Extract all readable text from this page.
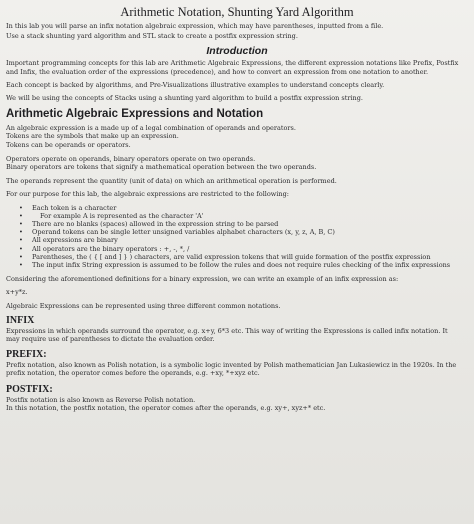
Arithmetic Notation, Shunting Yard Algorithm

In this lab you will parse an infix notation algebraic expression, which may have parentheses, inputted from a file.

Use a stack shunting yard algorithm and STL stack to create a postfix expression string.

Introduction

Important programming concepts for this lab are Arithmetic Algebraic Expressions, the different expression notations like Prefix, Postfix and Infix, the evaluation order of the expressions (precedence), and how to convert an expression from one notation to another.

Each concept is backed by algorithms, and Pre-Visualizations illustrative examples to understand concepts clearly.

We will be using the concepts of Stacks using a shunting yard algorithm to build a postfix expression string.

Arithmetic Algebraic Expressions and Notation

An algebraic expression is a made up of a legal combination of operands and operators.

Tokens are the symbols that make up an expression.

Tokens can be operands or operators.

Operators operate on operands, binary operators operate on two operands.

Binary operators are tokens that signify a mathematical operation between the two operands.

The operands represent the quantity (unit of data) on which an arithmetical operation is performed.

For our purpose for this lab, the algebraic expressions are restricted to the following:

• Each token is a character
•	For example A is represented as the character 'A'
• There are no blanks (spaces) allowed in the expression string to be parsed
• Operand tokens can be single letter unsigned variables alphabet characters (x, y, z, A, B, C)
• All expressions are binary
• All operators are the binary operators : +, -, *, /
• Parentheses, the ( { [ and ] } ) characters, are valid expression tokens that will guide formation of the postfix expression
• The input infix String expression is assumed to be follow the rules and does not require rules checking of the infix expressions

Considering the aforementioned definitions for a binary expression, we can write an example of an infix expression as:

x+y*z.

Algebraic Expressions can be represented using three different common notations.

INFIX

Expressions in which operands surround the operator, e.g. x+y, 6*3 etc. This way of writing the Expressions is called infix notation. It

may require use of parentheses to dictate the evaluation order.

PREFIX:

Prefix notation, also known as Polish notation, is a symbolic logic invented by Polish mathematician Jan Lukasiewicz in the 1920s. In the

prefix notation, the operator comes before the operands, e.g. +xy, *+xyz etc.

POSTFIX:

Postfix notation is also known as Reverse Polish notation.

In this notation, the postfix notation, the operator comes after the operands, e.g. xy+, xyz+* etc.
